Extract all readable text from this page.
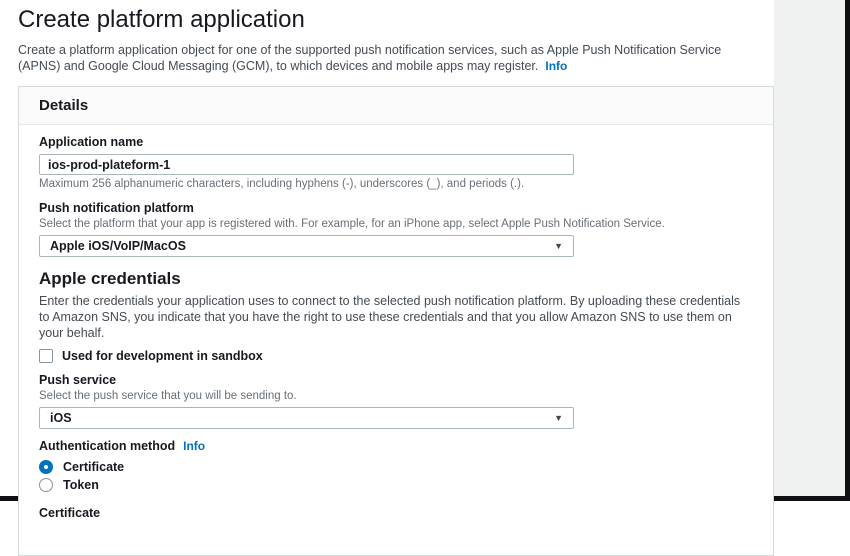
Create platform application

Create a platform application object for one of the supported push notification services, such as Apple Push Notification Service (APNS) and Google Cloud Messaging (GCM), to which devices and mobile apps may register. Info

Details
Application name
ios-prod-plateform-1
Maximum 256 alphanumeric characters, including hyphens (-), underscores (_), and periods (.).
Push notification platform
Select the platform that your app is registered with. For example, for an iPhone app, select Apple Push Notification Service.
Apple iOS/VoIP/MacOS	▼
Apple credentials

Enter the credentials your application uses to connect to the selected push notification platform. By uploading these credentials to Amazon SNS, you indicate that you have the right to use these credentials and that you allow Amazon SNS to use them on your behalf.

Used for development in sandbox
Push service
Select the push service that you will be sending to.
iOS	▼
Authentication method Info
Certificate
Token
Certificate
